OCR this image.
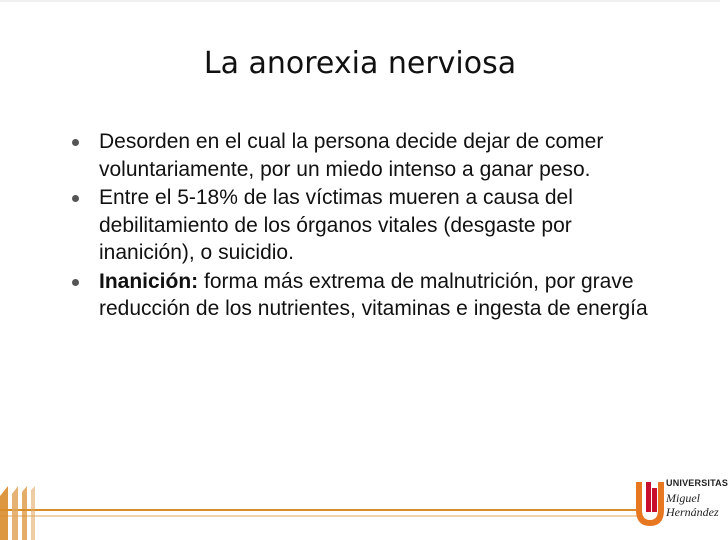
La anorexia nerviosa
Desorden en el cual la persona decide dejar de comer voluntariamente, por un miedo intenso a ganar peso.
Entre el 5-18% de las víctimas mueren a causa del debilitamiento de los órganos vitales (desgaste por inanición), o suicidio.
Inanición: forma más extrema de malnutrición, por grave reducción de los nutrientes, vitaminas e ingesta de energía
UNIVERSITAS
Miguel
Hernández
